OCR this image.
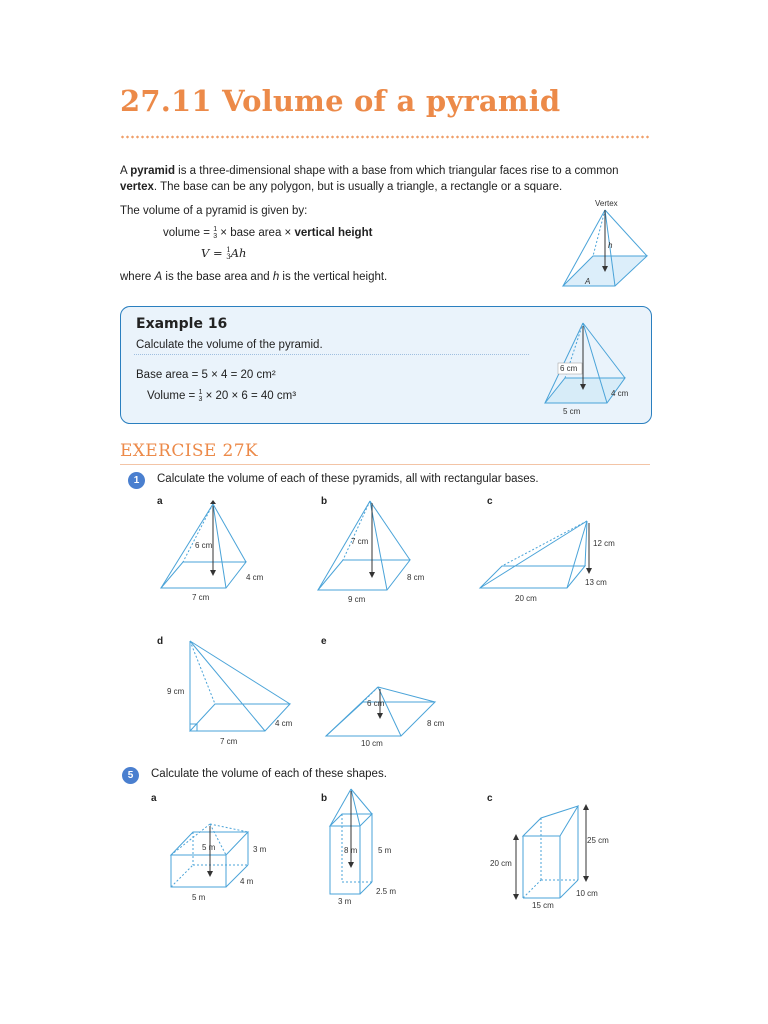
27.11 Volume of a pyramid
A pyramid is a three-dimensional shape with a base from which triangular faces rise to a common
vertex. The base can be any polygon, but is usually a triangle, a rectangle or a square.
The volume of a pyramid is given by:
volume = 1
3 × base area × vertical height
V = 1
3Ah
where A is the base area and h is the vertical height.
Vertex
h
A
Example 16
Calculate the volume of the pyramid.
Base area = 5 × 4 = 20 cm²
Volume = 1
3 × 20 × 6 = 40 cm³
6 cm
4 cm
5 cm
EXERCISE 27K
1	Calculate the volume of each of these pyramids, all with rectangular bases.
a	b	c
d	e
6 cm
4 cm
7 cm
7 cm
8 cm
9 cm
12 cm
13 cm
20 cm
9 cm
4 cm
7 cm
6 cm
8 cm
10 cm
5	Calculate the volume of each of these shapes.
a	b	c
5 m	3 m
4 m
5 m
8 m	5 m
2.5 m
3 m
25 cm
20 cm
10 cm
15 cm
